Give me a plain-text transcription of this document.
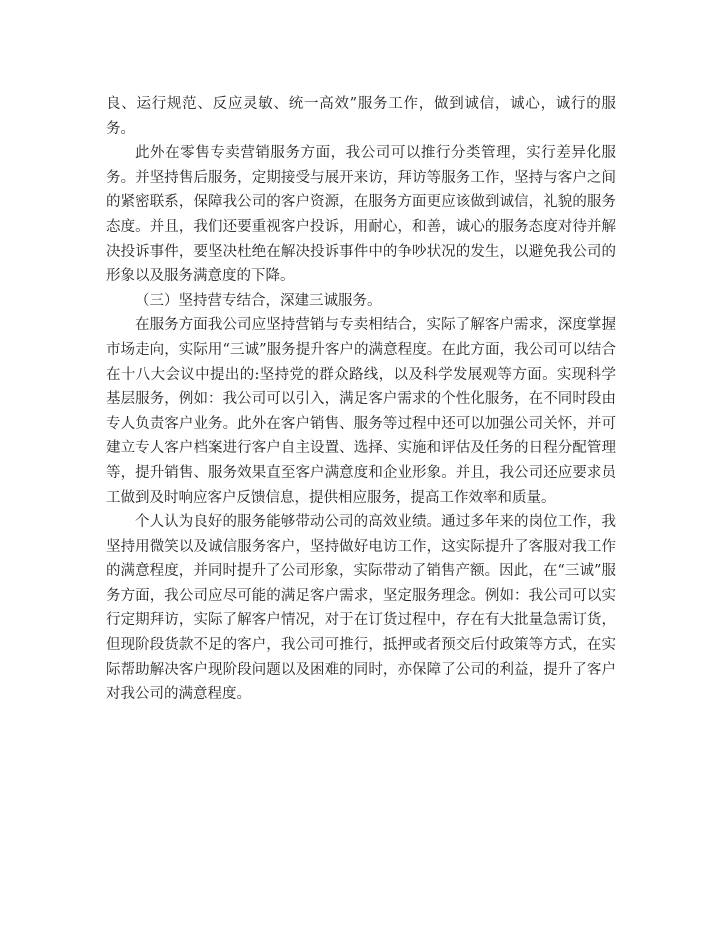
良、运行规范、反应灵敏、统一高效”服务工作，做到诚信，诚心，诚行的服务。

此外在零售专卖营销服务方面，我公司可以推行分类管理，实行差异化服务。并坚持售后服务，定期接受与展开来访，拜访等服务工作，坚持与客户之间的紧密联系，保障我公司的客户资源，在服务方面更应该做到诚信，礼貌的服务态度。并且，我们还要重视客户投诉，用耐心，和善，诚心的服务态度对待并解决投诉事件，要坚决杜绝在解决投诉事件中的争吵状况的发生，以避免我公司的形象以及服务满意度的下降。

（三）坚持营专结合，深建三诚服务。

在服务方面我公司应坚持营销与专卖相结合，实际了解客户需求，深度掌握市场走向，实际用“三诚”服务提升客户的满意程度。在此方面，我公司可以结合在十八大会议中提出的:坚持党的群众路线，以及科学发展观等方面。实现科学基层服务，例如：我公司可以引入，满足客户需求的个性化服务，在不同时段由专人负责客户业务。此外在客户销售、服务等过程中还可以加强公司关怀，并可建立专人客户档案进行客户自主设置、选择、实施和评估及任务的日程分配管理等，提升销售、服务效果直至客户满意度和企业形象。并且，我公司还应要求员工做到及时响应客户反馈信息，提供相应服务，提高工作效率和质量。

个人认为良好的服务能够带动公司的高效业绩。通过多年来的岗位工作，我坚持用微笑以及诚信服务客户，坚持做好电访工作，这实际提升了客服对我工作的满意程度，并同时提升了公司形象，实际带动了销售产额。因此，在“三诚”服务方面，我公司应尽可能的满足客户需求，坚定服务理念。例如：我公司可以实行定期拜访，实际了解客户情况，对于在订货过程中，存在有大批量急需订货，但现阶段货款不足的客户，我公司可推行，抵押或者预交后付政策等方式，在实际帮助解决客户现阶段问题以及困难的同时，亦保障了公司的利益，提升了客户对我公司的满意程度。
